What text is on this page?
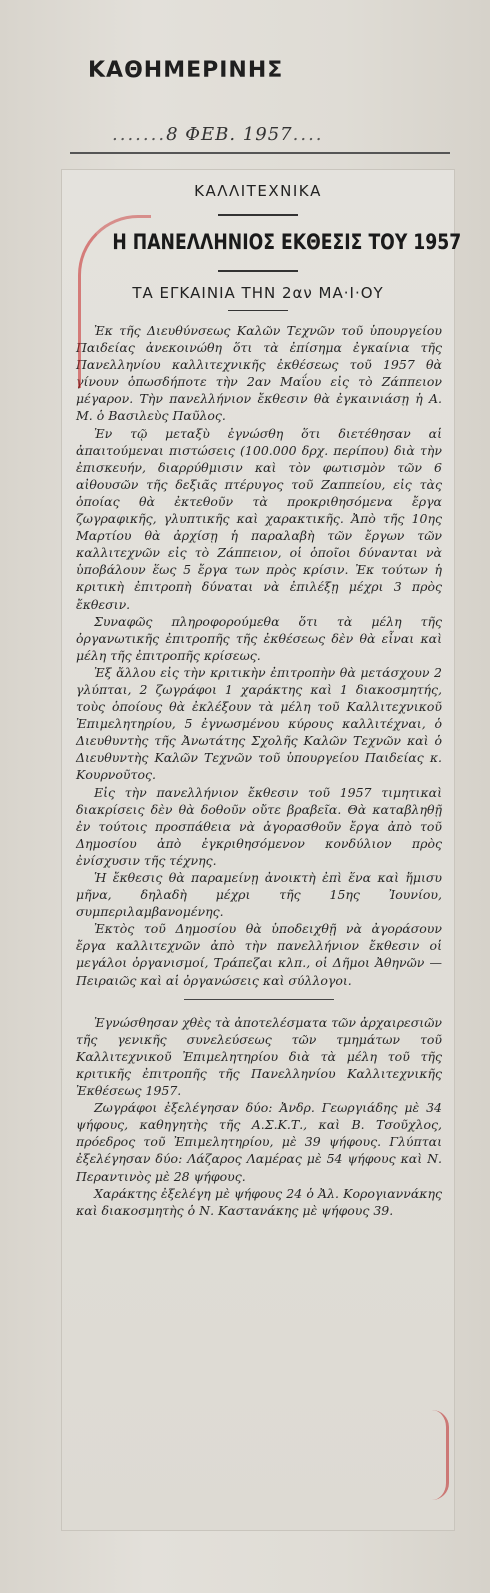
ΚΑΘΗΜΕΡΙΝΗΣ
.......8 ΦΕΒ. 1957....
ΚΑΛΛΙΤΕΧΝΙΚΑ
Η ΠΑΝΕΛΛΗΝΙΟΣ ΕΚΘΕΣΙΣ ΤΟΥ 1957
ΤΑ ΕΓΚΑΙΝΙΑ ΤΗΝ 2αν ΜΑ·Ι·ΟΥ

Ἐκ τῆς Διευθύνσεως Καλῶν Τεχνῶν τοῦ ὑπουργείου Παιδείας ἀνεκοινώθη ὅτι τὰ ἐπίσημα ἐγκαίνια τῆς Πανελληνίου καλλιτεχνικῆς ἐκθέσεως τοῦ 1957 θὰ γίνουν ὁπωσδήποτε τὴν 2αν Μαΐου εἰς τὸ Ζάππειον μέγαρον. Τὴν πανελλήνιον ἔκθεσιν θὰ ἐγκαινιάσῃ ἡ Α. Μ. ὁ Βασιλεὺς Παῦλος.

Ἐν τῷ μεταξὺ ἐγνώσθη ὅτι διετέθησαν αἱ ἀπαιτούμεναι πιστώσεις (100.000 δρχ. περίπου) διὰ τὴν ἐπισκευήν, διαρρύθμισιν καὶ τὸν φωτισμὸν τῶν 6 αἰθουσῶν τῆς δεξιᾶς πτέρυγος τοῦ Ζαππείου, εἰς τὰς ὁποίας θὰ ἐκτεθοῦν τὰ προκριθησόμενα ἔργα ζωγραφικῆς, γλυπτικῆς καὶ χαρακτικῆς. Ἀπὸ τῆς 10ης Μαρτίου θὰ ἀρχίσῃ ἡ παραλαβὴ τῶν ἔργων τῶν καλλιτεχνῶν εἰς τὸ Ζάππειον, οἱ ὁποῖοι δύνανται νὰ ὑποβάλουν ἕως 5 ἔργα των πρὸς κρίσιν. Ἐκ τούτων ἡ κριτικὴ ἐπιτροπὴ δύναται νὰ ἐπιλέξῃ μέχρι 3 πρὸς ἔκθεσιν.

Συναφῶς πληροφορούμεθα ὅτι τὰ μέλη τῆς ὀργανωτικῆς ἐπιτροπῆς τῆς ἐκθέσεως δὲν θὰ εἶναι καὶ μέλη τῆς ἐπιτροπῆς κρίσεως.

Ἐξ ἄλλου εἰς τὴν κριτικὴν ἐπιτροπὴν θὰ μετάσχουν 2 γλύπται, 2 ζωγράφοι 1 χαράκτης καὶ 1 διακοσμητής, τοὺς ὁποίους θὰ ἐκλέξουν τὰ μέλη τοῦ Καλλιτεχνικοῦ Ἐπιμελητηρίου, 5 ἐγνωσμένου κύρους καλλιτέχναι, ὁ Διευθυντὴς τῆς Ἀνωτάτης Σχολῆς Καλῶν Τεχνῶν καὶ ὁ Διευθυντὴς Καλῶν Τεχνῶν τοῦ ὑπουργείου Παιδείας κ. Κουρνοῦτος.

Εἰς τὴν πανελλήνιον ἔκθεσιν τοῦ 1957 τιμητικαὶ διακρίσεις δὲν θὰ δοθοῦν οὔτε βραβεῖα. Θὰ καταβληθῇ ἐν τούτοις προσπάθεια νὰ ἀγορασθοῦν ἔργα ἀπὸ τοῦ Δημοσίου ἀπὸ ἐγκριθησόμενον κονδύλιον πρὸς ἐνίσχυσιν τῆς τέχνης.

Ἡ ἔκθεσις θὰ παραμείνῃ ἀνοικτὴ ἐπὶ ἕνα καὶ ἥμισυ μῆνα, δηλαδὴ μέχρι τῆς 15ης Ἰουνίου, συμπεριλαμβανομένης.

Ἐκτὸς τοῦ Δημοσίου θὰ ὑποδειχθῇ νὰ ἀγοράσουν ἔργα καλλιτεχνῶν ἀπὸ τὴν πανελλήνιον ἔκθεσιν οἱ μεγάλοι ὀργανισμοί, Τράπεζαι κλπ., οἱ Δῆμοι Ἀθηνῶν — Πειραιῶς καὶ αἱ ὀργανώσεις καὶ σύλλογοι.

Ἐγνώσθησαν χθὲς τὰ ἀποτελέσματα τῶν ἀρχαιρεσιῶν τῆς γενικῆς συνελεύσεως τῶν τμημάτων τοῦ Καλλιτεχνικοῦ Ἐπιμελητηρίου διὰ τὰ μέλη τοῦ τῆς κριτικῆς ἐπιτροπῆς τῆς Πανελληνίου Καλλιτεχνικῆς Ἐκθέσεως 1957.

Ζωγράφοι ἐξελέγησαν δύο: Ἀνδρ. Γεωργιάδης μὲ 34 ψήφους, καθηγητὴς τῆς Α.Σ.Κ.Τ., καὶ Β. Τσοῦχλος, πρόεδρος τοῦ Ἐπιμελητηρίου, μὲ 39 ψήφους. Γλύπται ἐξελέγησαν δύο: Λάζαρος Λαμέρας μὲ 54 ψήφους καὶ Ν. Περαντινὸς μὲ 28 ψήφους.

Χαράκτης ἐξελέγη μὲ ψήφους 24 ὁ Ἀλ. Κορογιαννάκης καὶ διακοσμητὴς ὁ Ν. Καστανάκης μὲ ψήφους 39.
